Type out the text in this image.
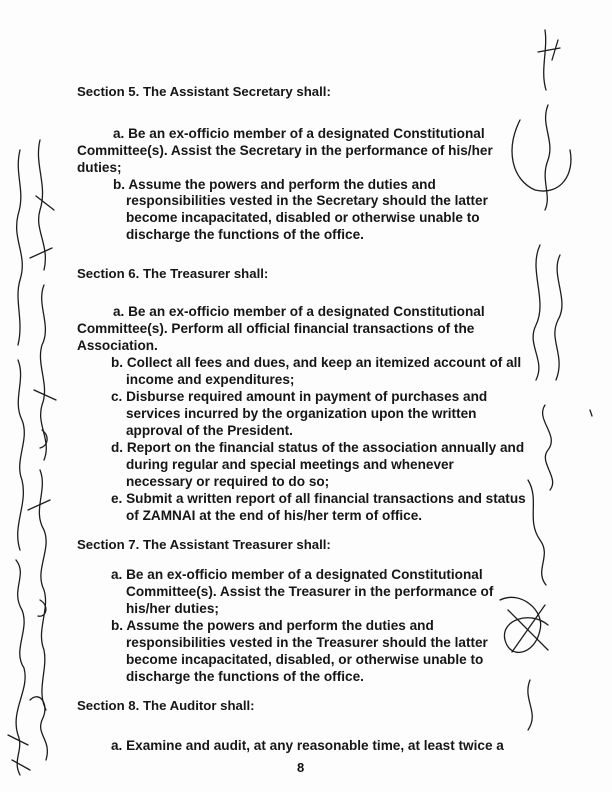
Section 5. The Assistant Secretary shall:
a. Be an ex-officio member of a designated Constitutional
Committee(s). Assist the Secretary in the performance of his/her
duties;
b. Assume the powers and perform the duties and
responsibilities vested in the Secretary should the latter
become incapacitated, disabled or otherwise unable to
discharge the functions of the office.
Section 6. The Treasurer shall:
a. Be an ex-officio member of a designated Constitutional
Committee(s). Perform all official financial transactions of the
Association.
b. Collect all fees and dues, and keep an itemized account of all
income and expenditures;
c. Disburse required amount in payment of purchases and
services incurred by the organization upon the written
approval of the President.
d. Report on the financial status of the association annually and
during regular and special meetings and whenever
necessary or required to do so;
e. Submit a written report of all financial transactions and status
of ZAMNAI at the end of his/her term of office.
Section 7. The Assistant Treasurer shall:
a. Be an ex-officio member of a designated Constitutional
Committee(s). Assist the Treasurer in the performance of
his/her duties;
b. Assume the powers and perform the duties and
responsibilities vested in the Treasurer should the latter
become incapacitated, disabled, or otherwise unable to
discharge the functions of the office.
Section 8. The Auditor shall:
a. Examine and audit, at any reasonable time, at least twice a
8
